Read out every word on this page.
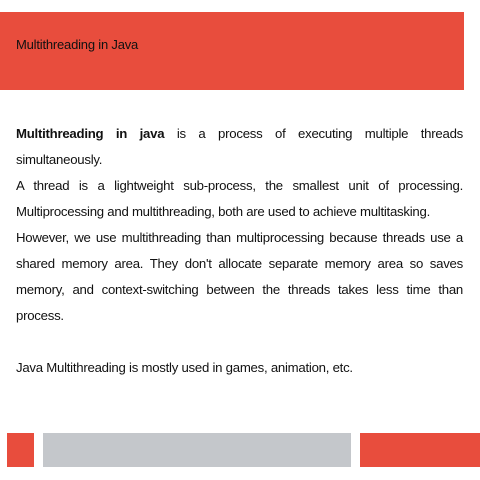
Multithreading in Java

Multithreading in java is a process of executing multiple threads simultaneously.

A thread is a lightweight sub-process, the smallest unit of processing. Multiprocessing and multithreading, both are used to achieve multitasking.

However, we use multithreading than multiprocessing because threads use a shared memory area. They don't allocate separate memory area so saves memory, and context-switching between the threads takes less time than process.

Java Multithreading is mostly used in games, animation, etc.
